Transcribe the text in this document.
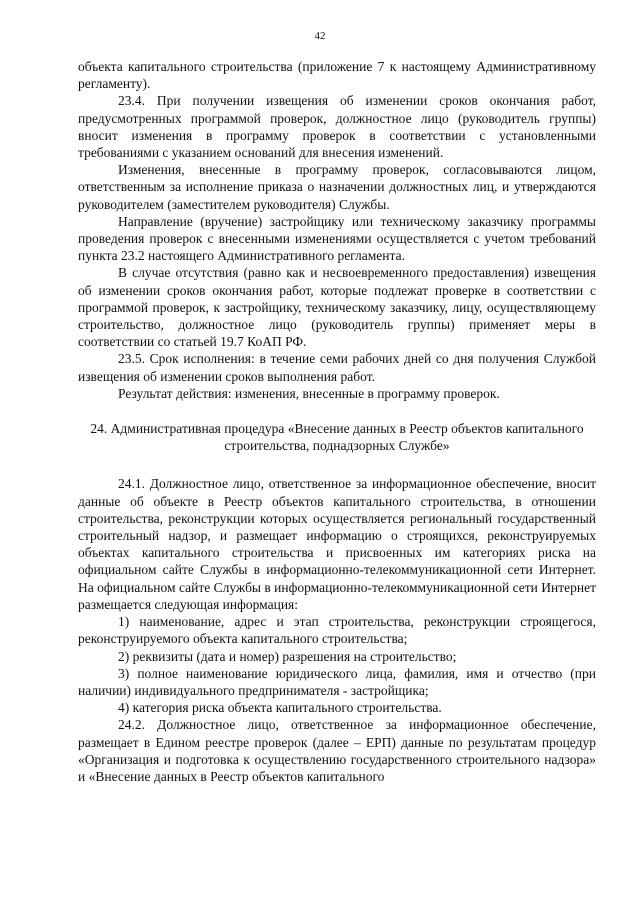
42

объекта капитального строительства (приложение 7 к настоящему Административному регламенту).

23.4. При получении извещения об изменении сроков окончания работ, предусмотренных программой проверок, должностное лицо (руководитель группы) вносит изменения в программу проверок в соответствии с установленными требованиями с указанием оснований для внесения изменений.

Изменения, внесенные в программу проверок, согласовываются лицом, ответственным за исполнение приказа о назначении должностных лиц, и утверждаются руководителем (заместителем руководителя) Службы.

Направление (вручение) застройщику или техническому заказчику программы проведения проверок с внесенными изменениями осуществляется с учетом требований пункта 23.2 настоящего Административного регламента.

В случае отсутствия (равно как и несвоевременного предоставления) извещения об изменении сроков окончания работ, которые подлежат проверке в соответствии с программой проверок, к застройщику, техническому заказчику, лицу, осуществляющему строительство, должностное лицо (руководитель группы) применяет меры в соответствии со статьей 19.7 КоАП РФ.

23.5. Срок исполнения: в течение семи рабочих дней со дня получения Службой извещения об изменении сроков выполнения работ.

Результат действия: изменения, внесенные в программу проверок.

24. Административная процедура «Внесение данных в Реестр объектов капитального строительства, поднадзорных Службе»

24.1. Должностное лицо, ответственное за информационное обеспечение, вносит данные об объекте в Реестр объектов капитального строительства, в отношении строительства, реконструкции которых осуществляется региональный государственный строительный надзор, и размещает информацию о строящихся, реконструируемых объектах капитального строительства и присвоенных им категориях риска на официальном сайте Службы в информационно-телекоммуникационной сети Интернет. На официальном сайте Службы в информационно-телекоммуникационной сети Интернет размещается следующая информация:

1) наименование, адрес и этап строительства, реконструкции строящегося, реконструируемого объекта капитального строительства;

2) реквизиты (дата и номер) разрешения на строительство;

3) полное наименование юридического лица, фамилия, имя и отчество (при наличии) индивидуального предпринимателя - застройщика;

4) категория риска объекта капитального строительства.

24.2. Должностное лицо, ответственное за информационное обеспечение, размещает в Едином реестре проверок (далее – ЕРП) данные по результатам процедур «Организация и подготовка к осуществлению государственного строительного надзора» и «Внесение данных в Реестр объектов капитального
